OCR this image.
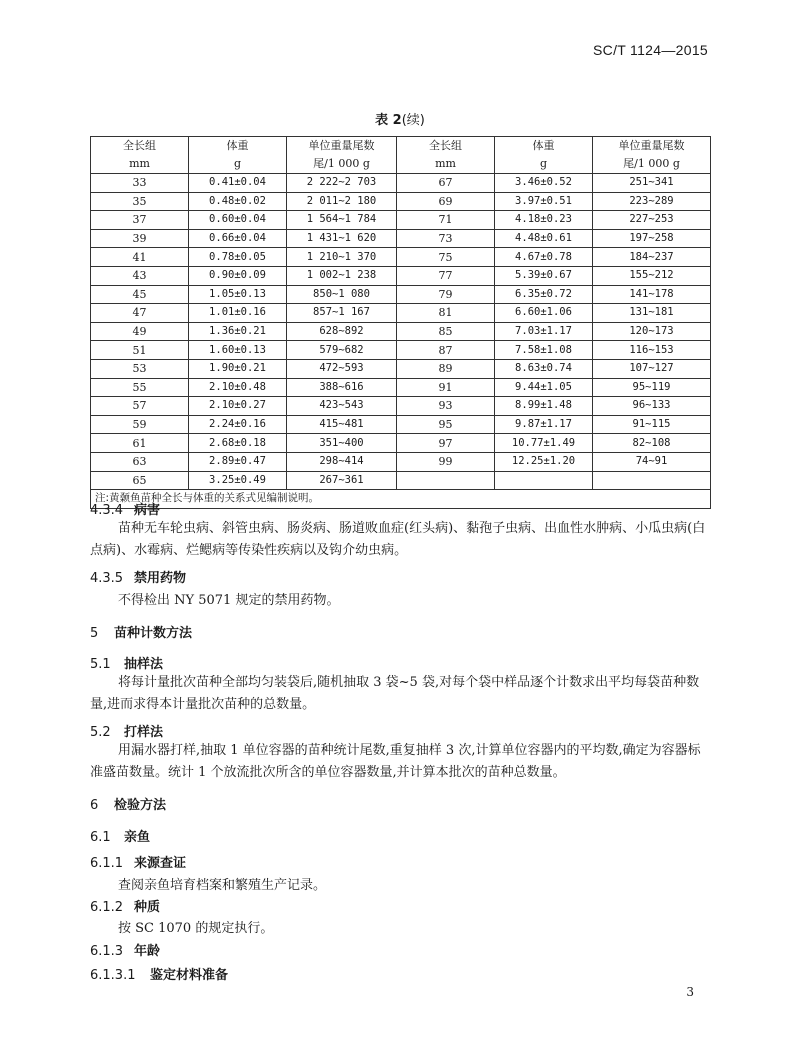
SC/T 1124—2015
表 2(续)
全长组	体重	单位重量尾数	全长组	体重	单位重量尾数
mm	g	尾/1 000 g	mm	g	尾/1 000 g
33	0.41±0.04	2 222~2 703	67	3.46±0.52	251~341
35	0.48±0.02	2 011~2 180	69	3.97±0.51	223~289
37	0.60±0.04	1 564~1 784	71	4.18±0.23	227~253
39	0.66±0.04	1 431~1 620	73	4.48±0.61	197~258
41	0.78±0.05	1 210~1 370	75	4.67±0.78	184~237
43	0.90±0.09	1 002~1 238	77	5.39±0.67	155~212
45	1.05±0.13	850~1 080	79	6.35±0.72	141~178
47	1.01±0.16	857~1 167	81	6.60±1.06	131~181
49	1.36±0.21	628~892	85	7.03±1.17	120~173
51	1.60±0.13	579~682	87	7.58±1.08	116~153
53	1.90±0.21	472~593	89	8.63±0.74	107~127
55	2.10±0.48	388~616	91	9.44±1.05	95~119
57	2.10±0.27	423~543	93	8.99±1.48	96~133
59	2.24±0.16	415~481	95	9.87±1.17	91~115
61	2.68±0.18	351~400	97	10.77±1.49	82~108
63	2.89±0.47	298~414	99	12.25±1.20	74~91
65	3.25±0.49	267~361			
注:黄颡鱼苗种全长与体重的关系式见编制说明。					
4.3.4 病害
苗种无车轮虫病、斜管虫病、肠炎病、肠道败血症(红头病)、黏孢子虫病、出血性水肿病、小瓜虫病(白点病)、水霉病、烂鳃病等传染性疾病以及钩介幼虫病。
4.3.5 禁用药物
不得检出 NY 5071 规定的禁用药物。
5 苗种计数方法
5.1 抽样法
将每计量批次苗种全部均匀装袋后,随机抽取 3 袋~5 袋,对每个袋中样品逐个计数求出平均每袋苗种数量,进而求得本计量批次苗种的总数量。
5.2 打样法
用漏水器打样,抽取 1 单位容器的苗种统计尾数,重复抽样 3 次,计算单位容器内的平均数,确定为容器标准盛苗数量。统计 1 个放流批次所含的单位容器数量,并计算本批次的苗种总数量。
6 检验方法
6.1 亲鱼
6.1.1 来源查证
查阅亲鱼培育档案和繁殖生产记录。
6.1.2 种质
按 SC 1070 的规定执行。
6.1.3 年龄
6.1.3.1 鉴定材料准备
3
